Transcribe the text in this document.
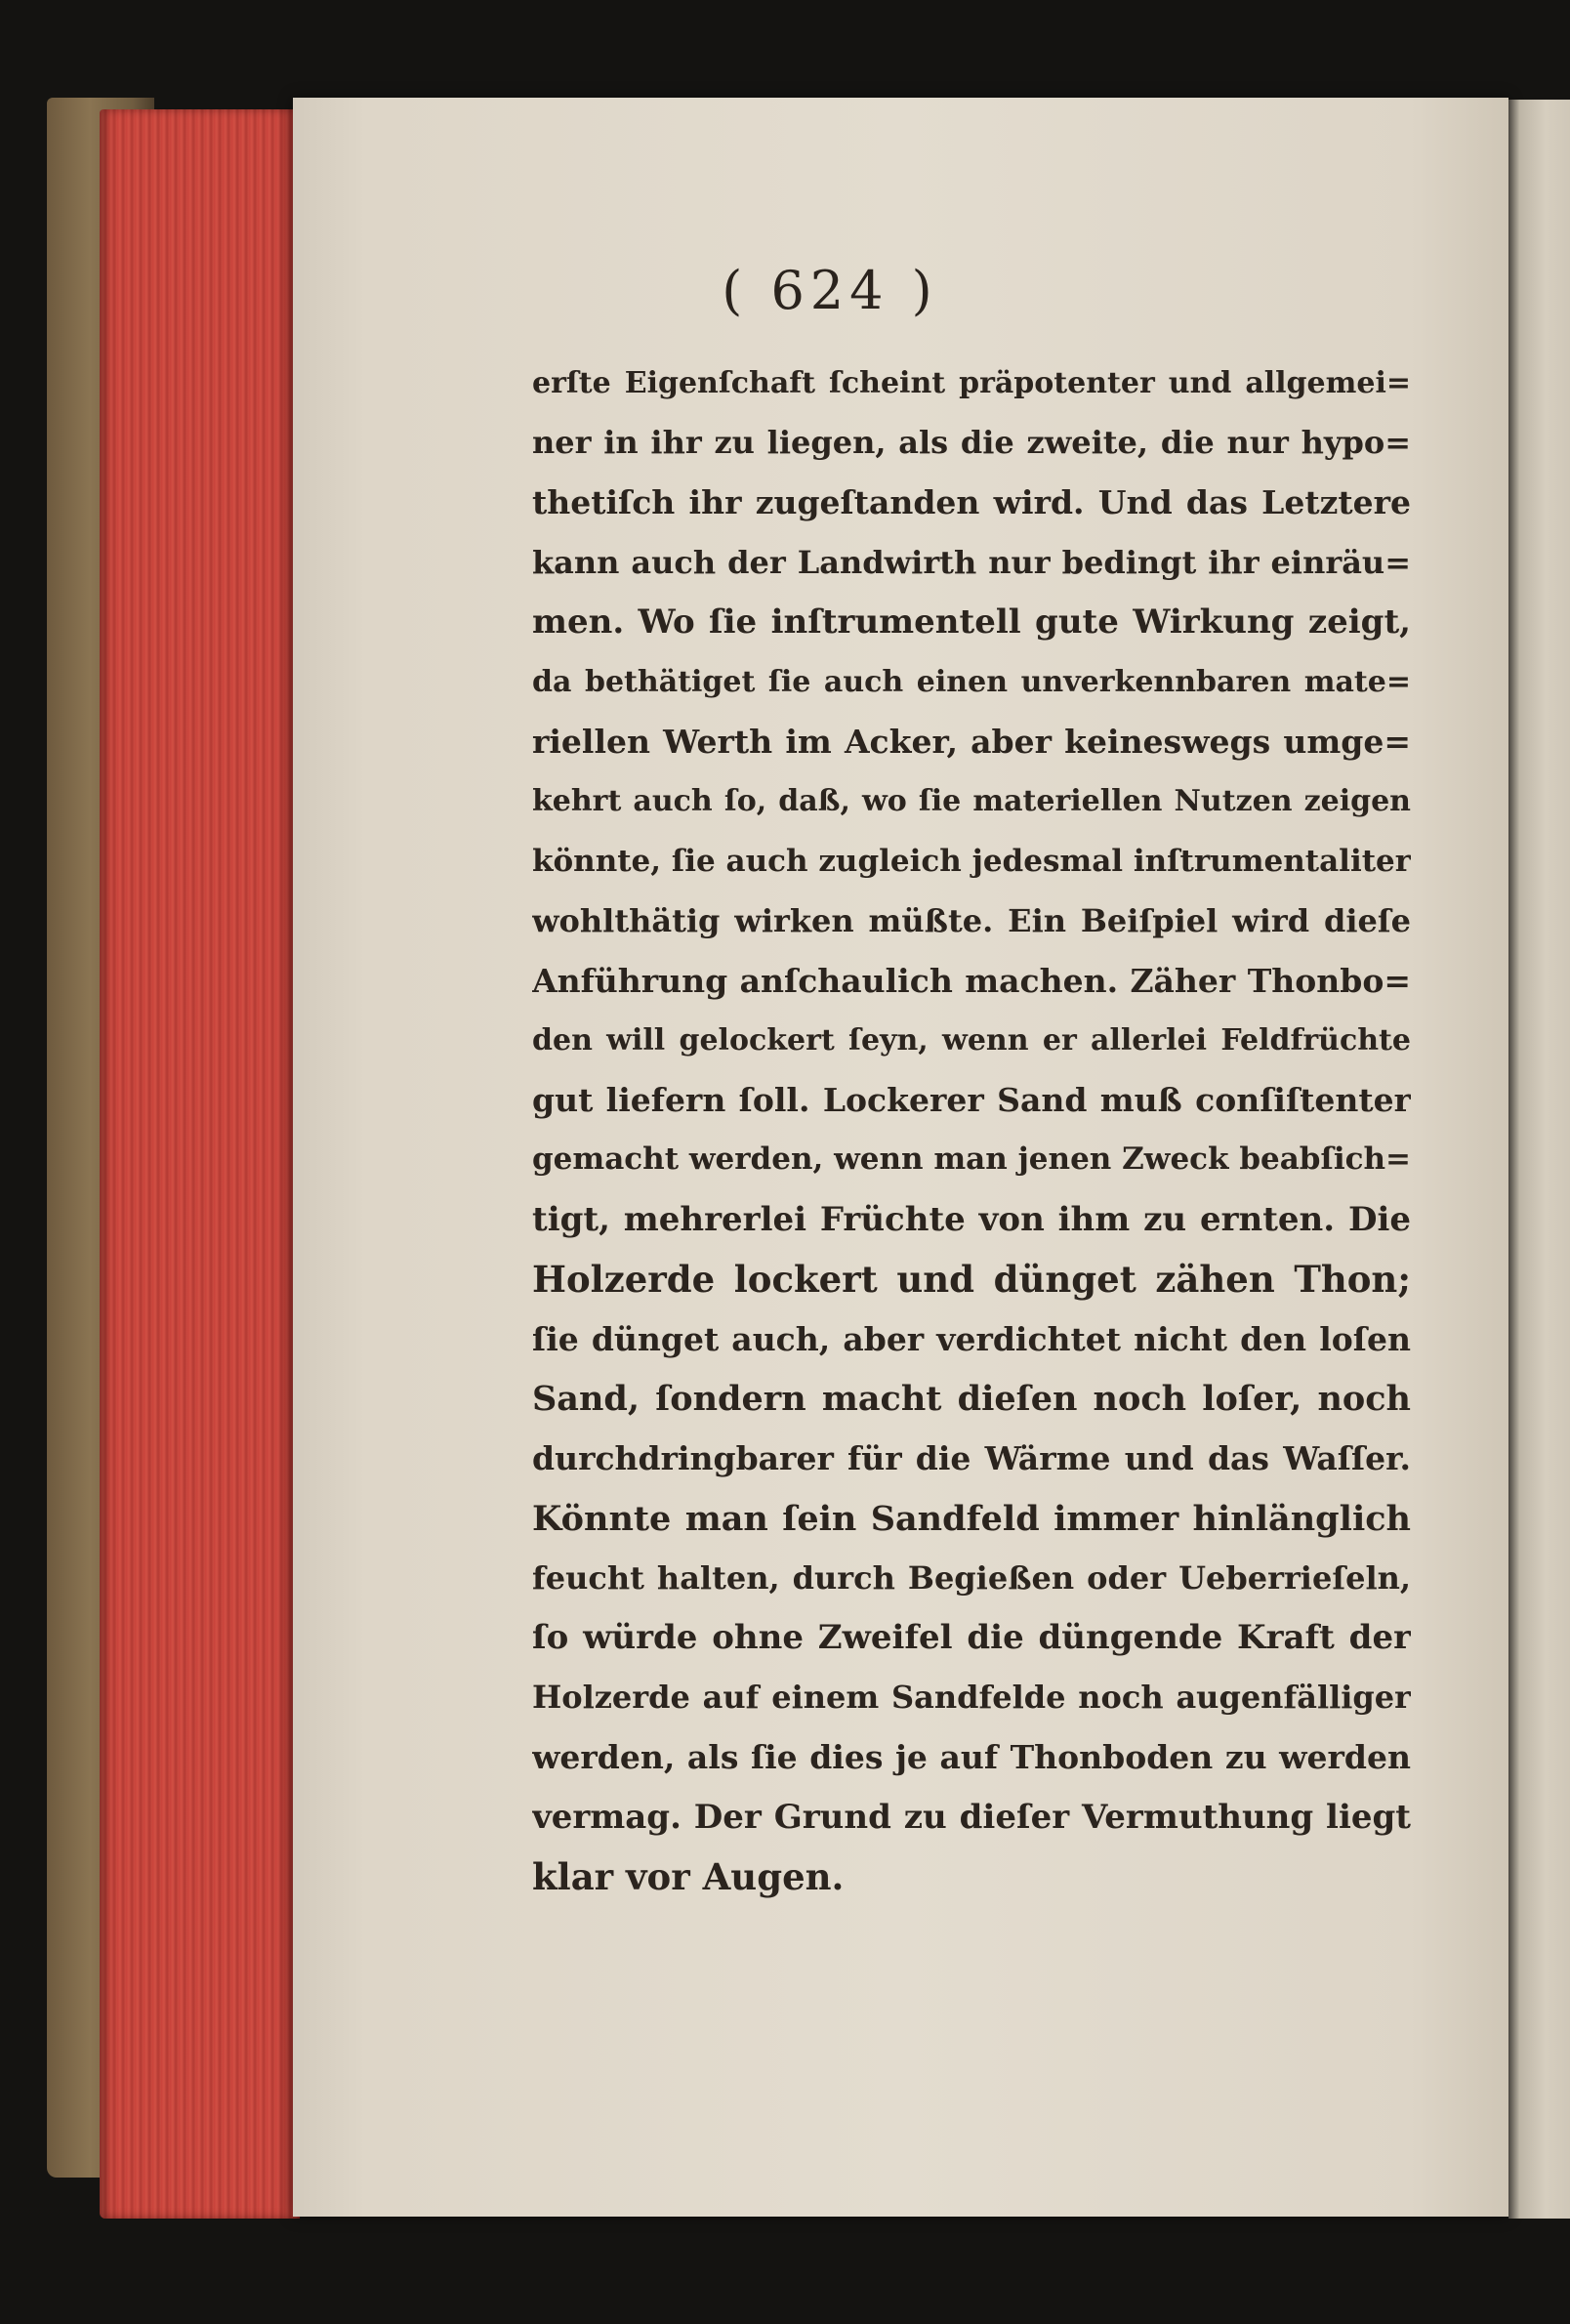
( 624 )
erſte Eigenſchaft ſcheint präpotenter und allgemei=
ner in ihr zu liegen, als die zweite, die nur hypo=
thetiſch ihr zugeſtanden wird. Und das Letztere
kann auch der Landwirth nur bedingt ihr einräu=
men. Wo ſie inſtrumentell gute Wirkung zeigt,
da bethätiget ſie auch einen unverkennbaren mate=
riellen Werth im Acker, aber keineswegs umge=
kehrt auch ſo, daß, wo ſie materiellen Nutzen zeigen
könnte, ſie auch zugleich jedesmal inſtrumentaliter
wohlthätig wirken müßte. Ein Beiſpiel wird dieſe
Anführung anſchaulich machen. Zäher Thonbo=
den will gelockert ſeyn, wenn er allerlei Feldfrüchte
gut liefern ſoll. Lockerer Sand muß conſiſtenter
gemacht werden, wenn man jenen Zweck beabſich=
tigt, mehrerlei Früchte von ihm zu ernten. Die
Holzerde lockert und dünget zähen Thon;
ſie dünget auch, aber verdichtet nicht den loſen
Sand, ſondern macht dieſen noch loſer, noch
durchdringbarer für die Wärme und das Waſſer.
Könnte man ſein Sandfeld immer hinlänglich
feucht halten, durch Begießen oder Ueberrieſeln,
ſo würde ohne Zweifel die düngende Kraft der
Holzerde auf einem Sandfelde noch augenfälliger
werden, als ſie dies je auf Thonboden zu werden
vermag. Der Grund zu dieſer Vermuthung liegt
klar vor Augen.
